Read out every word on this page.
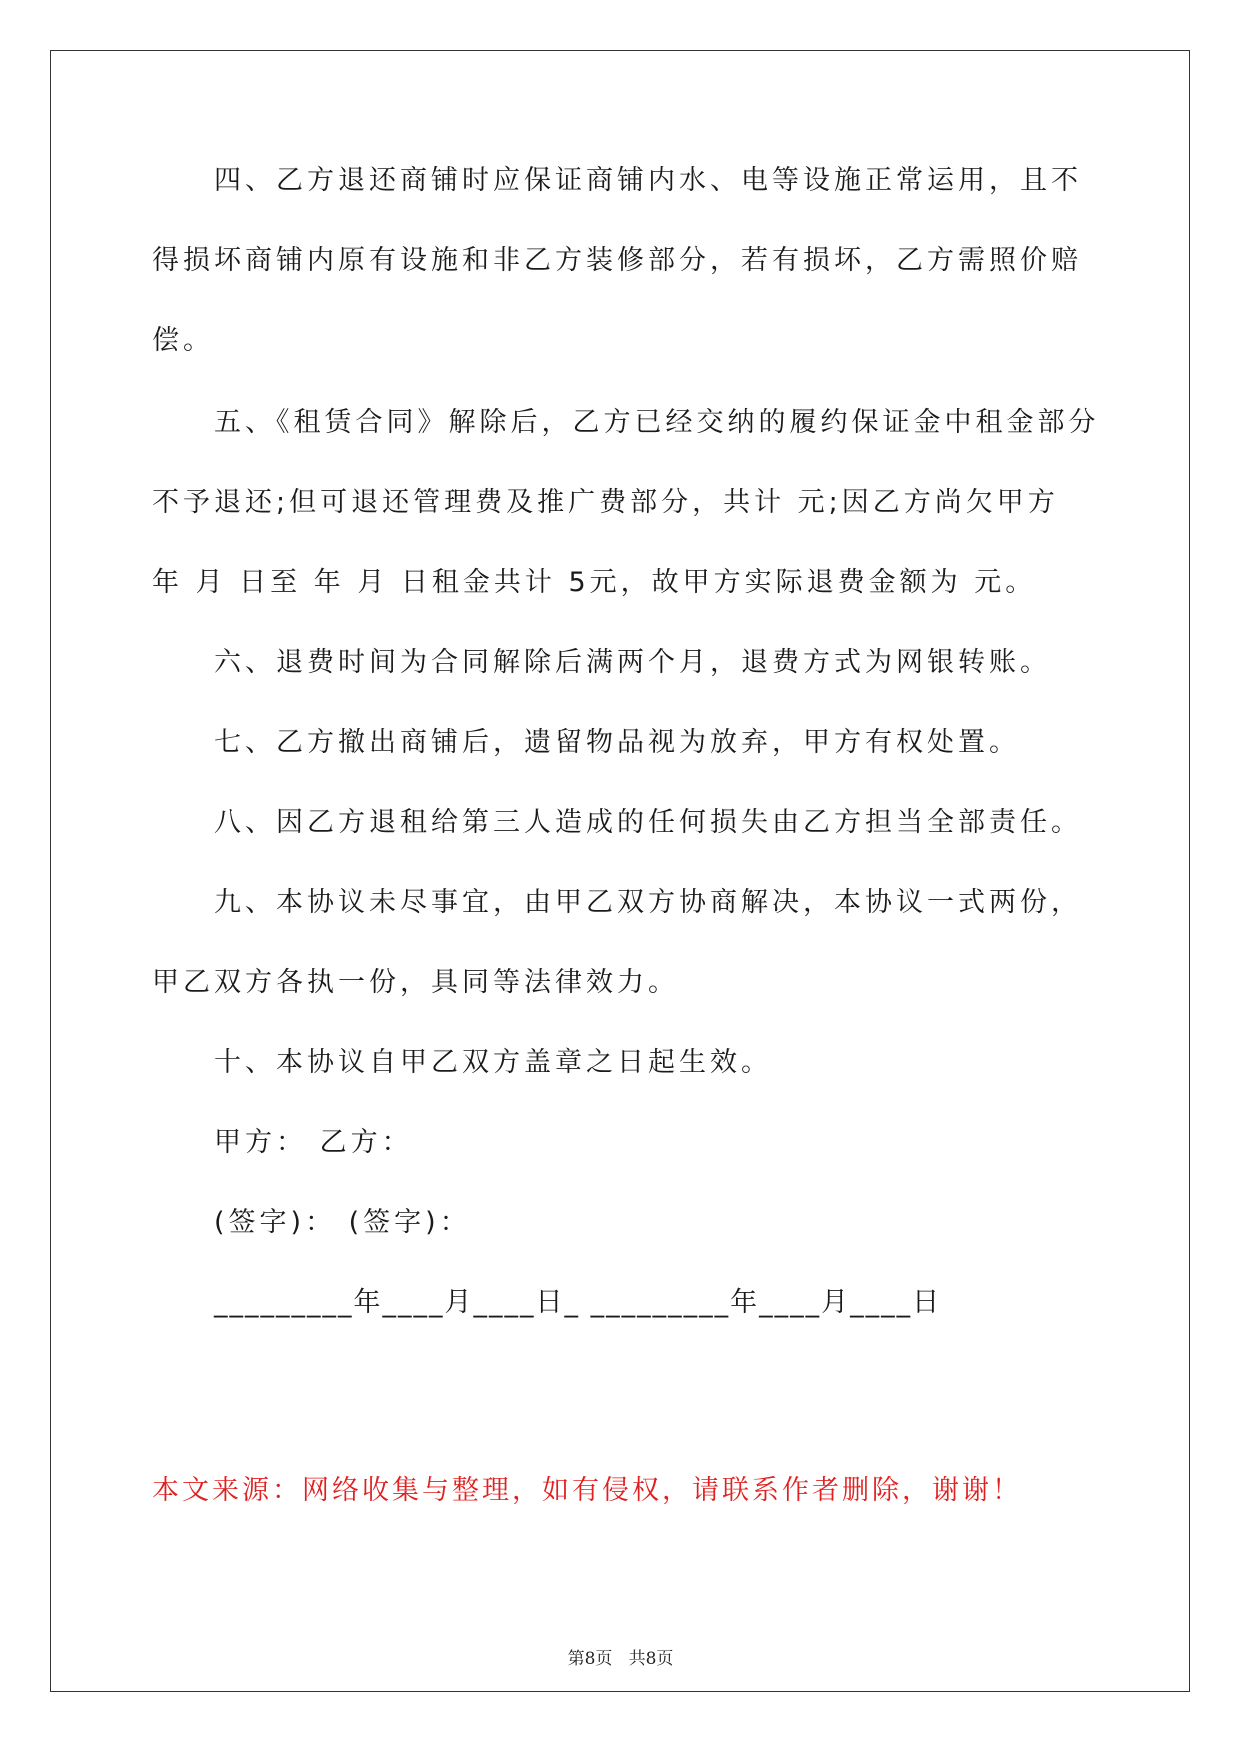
四、乙方退还商铺时应保证商铺内水、电等设施正常运用，且不
得损坏商铺内原有设施和非乙方装修部分，若有损坏，乙方需照价赔
偿。
五、《租赁合同》解除后，乙方已经交纳的履约保证金中租金部分
不予退还;但可退还管理费及推广费部分，共计 元;因乙方尚欠甲方
年 月 日至 年 月 日租金共计 5元，故甲方实际退费金额为 元。

六、退费时间为合同解除后满两个月，退费方式为网银转账。

七、乙方撤出商铺后，遗留物品视为放弃，甲方有权处置。

八、因乙方退租给第三人造成的任何损失由乙方担当全部责任。

九、本协议未尽事宜，由甲乙双方协商解决，本协议一式两份，
甲乙双方各执一份，具同等法律效力。

十、本协议自甲乙双方盖章之日起生效。

甲方： 乙方：

(签字)： (签字)：

_________年____月____日_ _________年____月____日

本文来源：网络收集与整理，如有侵权，请联系作者删除，谢谢！
第8页   共8页
